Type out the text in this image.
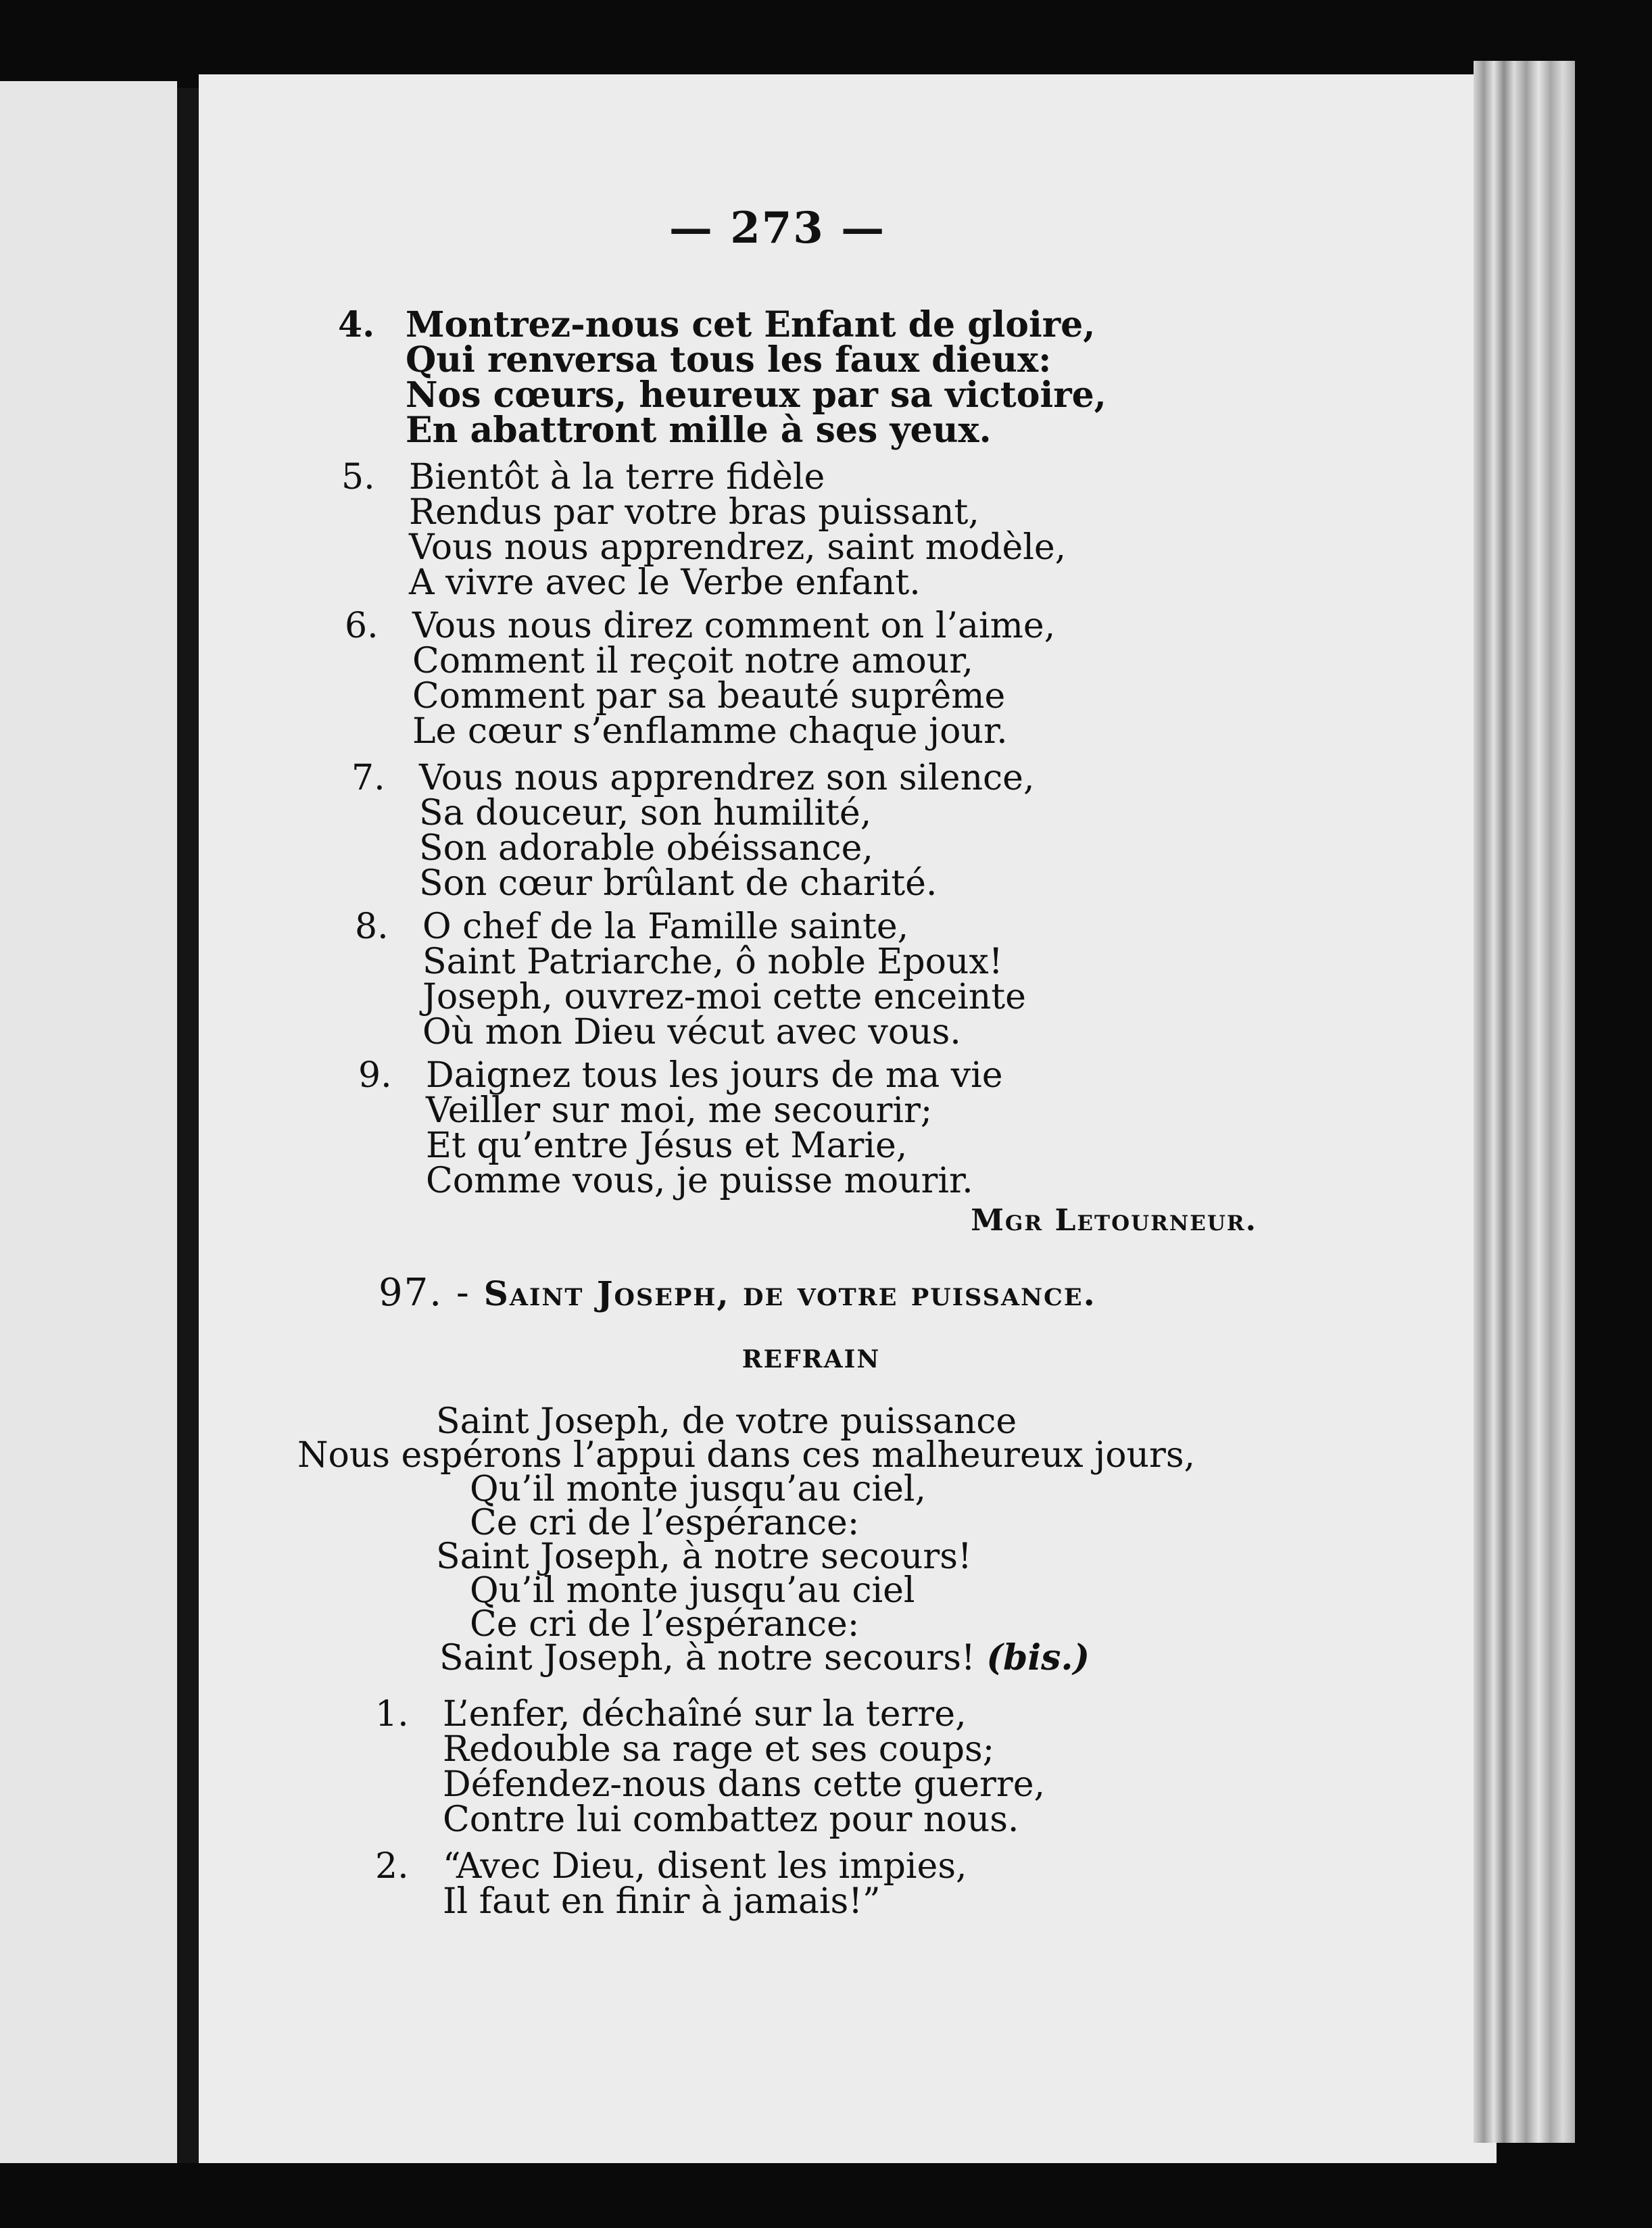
— 273 —
4. Montrez-nous cet Enfant de gloire,
Qui renversa tous les faux dieux:
Nos cœurs, heureux par sa victoire,
En abattront mille à ses yeux.
5. Bientôt à la terre fidèle
Rendus par votre bras puissant,
Vous nous apprendrez, saint modèle,
A vivre avec le Verbe enfant.
6. Vous nous direz comment on l’aime,
Comment il reçoit notre amour,
Comment par sa beauté suprême
Le cœur s’enflamme chaque jour.
7. Vous nous apprendrez son silence,
Sa douceur, son humilité,
Son adorable obéissance,
Son cœur brûlant de charité.
8. O chef de la Famille sainte,
Saint Patriarche, ô noble Epoux!
Joseph, ouvrez-moi cette enceinte
Où mon Dieu vécut avec vous.
9. Daignez tous les jours de ma vie
Veiller sur moi, me secourir;
Et qu’entre Jésus et Marie,
Comme vous, je puisse mourir.
Mgr Letourneur.
97. - Saint Joseph, de votre puissance.
REFRAIN
Saint Joseph, de votre puissance
Nous espérons l’appui dans ces malheureux jours,
Qu’il monte jusqu’au ciel,
Ce cri de l’espérance:
Saint Joseph, à notre secours!
Qu’il monte jusqu’au ciel
Ce cri de l’espérance:
Saint Joseph, à notre secours! (bis.)
1. L’enfer, déchaîné sur la terre,
Redouble sa rage et ses coups;
Défendez-nous dans cette guerre,
Contre lui combattez pour nous.
2. “Avec Dieu, disent les impies,
Il faut en finir à jamais!”
